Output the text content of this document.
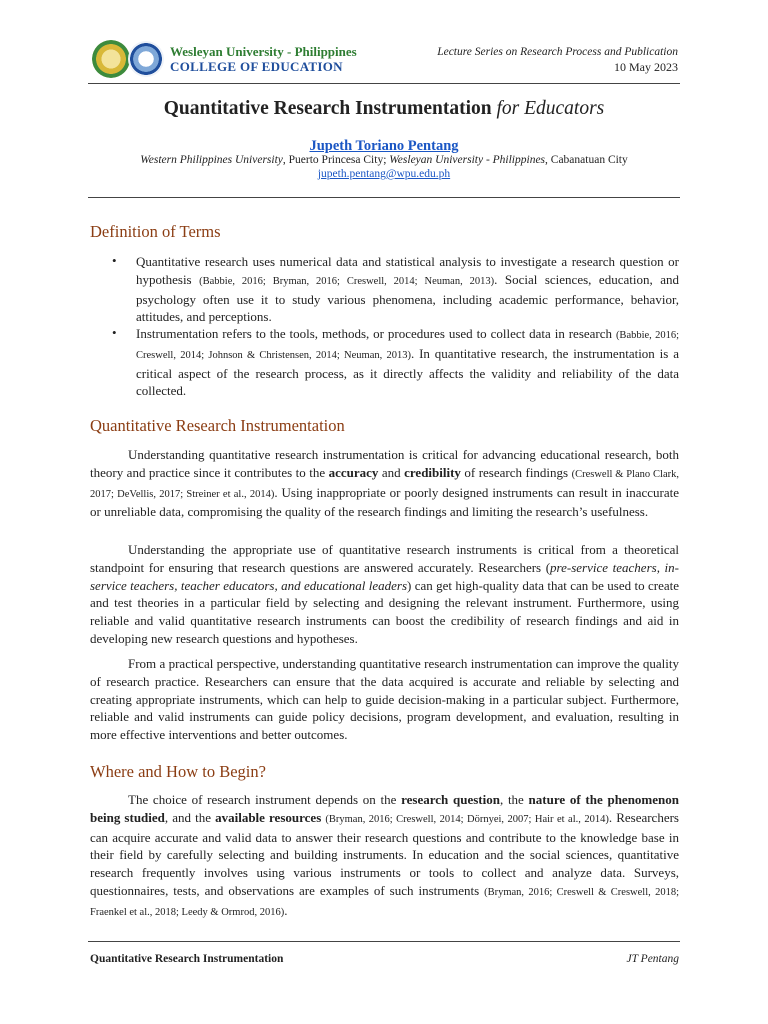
Wesleyan University - Philippines
COLLEGE OF EDUCATION
Lecture Series on Research Process and Publication
10 May 2023
Quantitative Research Instrumentation for Educators
Jupeth Toriano Pentang
Western Philippines University, Puerto Princesa City; Wesleyan University - Philippines, Cabanatuan City
jupeth.pentang@wpu.edu.ph
Definition of Terms
•	Quantitative research uses numerical data and statistical analysis to investigate a research question or hypothesis (Babbie, 2016; Bryman, 2016; Creswell, 2014; Neuman, 2013). Social sciences, education, and psychology often use it to study various phenomena, including academic performance, behavior, attitudes, and perceptions.
•	Instrumentation refers to the tools, methods, or procedures used to collect data in research (Babbie, 2016; Creswell, 2014; Johnson & Christensen, 2014; Neuman, 2013). In quantitative research, the instrumentation is a critical aspect of the research process, as it directly affects the validity and reliability of the data collected.
Quantitative Research Instrumentation
Understanding quantitative research instrumentation is critical for advancing educational research, both theory and practice since it contributes to the accuracy and credibility of research findings (Creswell & Plano Clark, 2017; DeVellis, 2017; Streiner et al., 2014). Using inappropriate or poorly designed instruments can result in inaccurate or unreliable data, compromising the quality of the research findings and limiting the research’s usefulness.
Understanding the appropriate use of quantitative research instruments is critical from a theoretical standpoint for ensuring that research questions are answered accurately. Researchers (pre-service teachers, in-service teachers, teacher educators, and educational leaders) can get high-quality data that can be used to create and test theories in a particular field by selecting and designing the relevant instrument. Furthermore, using reliable and valid quantitative research instruments can boost the credibility of research findings and aid in developing new research questions and hypotheses.
From a practical perspective, understanding quantitative research instrumentation can improve the quality of research practice. Researchers can ensure that the data acquired is accurate and reliable by selecting and creating appropriate instruments, which can help to guide decision-making in a particular subject. Furthermore, reliable and valid instruments can guide policy decisions, program development, and evaluation, resulting in more effective interventions and better outcomes.
Where and How to Begin?
The choice of research instrument depends on the research question, the nature of the phenomenon being studied, and the available resources (Bryman, 2016; Creswell, 2014; Dörnyei, 2007; Hair et al., 2014). Researchers can acquire accurate and valid data to answer their research questions and contribute to the knowledge base in their field by carefully selecting and building instruments. In education and the social sciences, quantitative research frequently involves using various instruments or tools to collect and analyze data. Surveys, questionnaires, tests, and observations are examples of such instruments (Bryman, 2016; Creswell & Creswell, 2018; Fraenkel et al., 2018; Leedy & Ormrod, 2016).
Quantitative Research Instrumentation	JT Pentang
